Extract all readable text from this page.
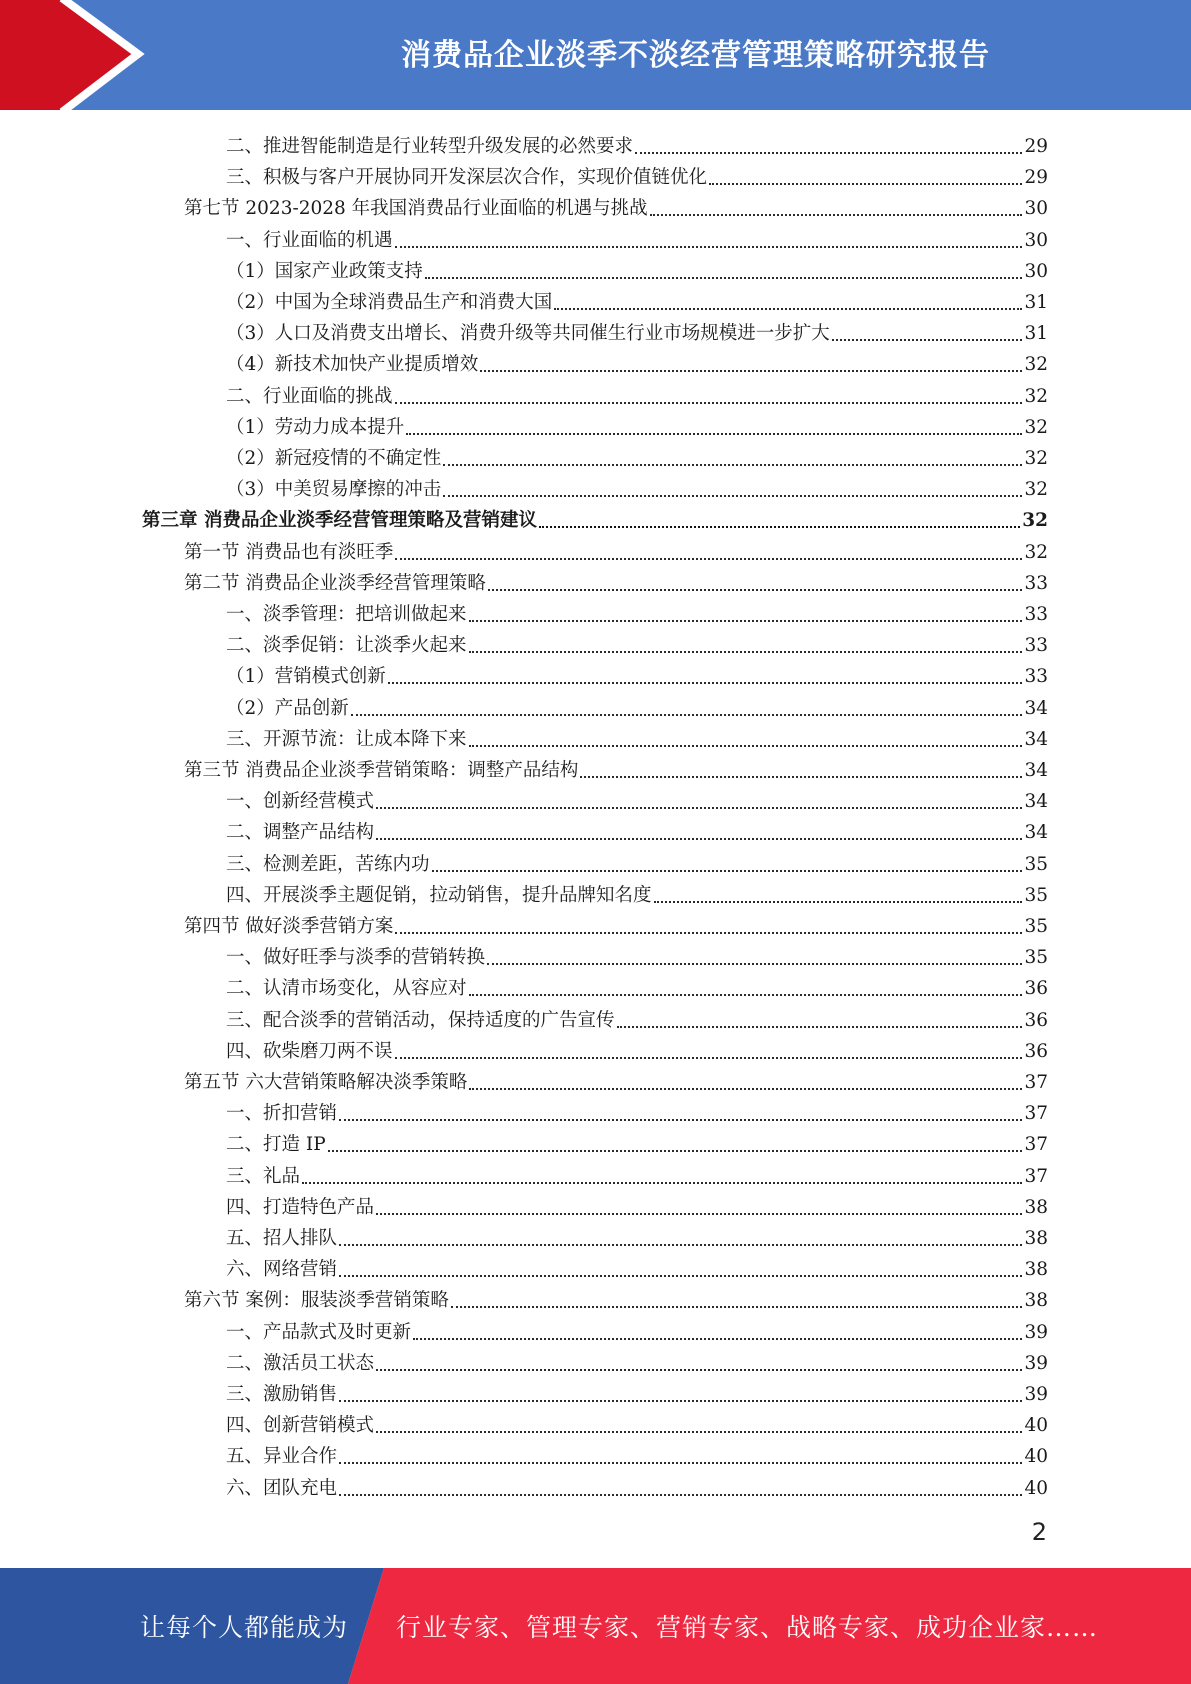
消费品企业淡季不淡经营管理策略研究报告
二、推进智能制造是行业转型升级发展的必然要求	29
三、积极与客户开展协同开发深层次合作，实现价值链优化	29
第七节 2023-2028 年我国消费品行业面临的机遇与挑战	30
一、行业面临的机遇	30
（1）国家产业政策支持	30
（2）中国为全球消费品生产和消费大国	31
（3）人口及消费支出增长、消费升级等共同催生行业市场规模进一步扩大	31
（4）新技术加快产业提质增效	32
二、行业面临的挑战	32
（1）劳动力成本提升	32
（2）新冠疫情的不确定性	32
（3）中美贸易摩擦的冲击	32
第三章 消费品企业淡季经营管理策略及营销建议	32
第一节 消费品也有淡旺季	32
第二节 消费品企业淡季经营管理策略	33
一、淡季管理：把培训做起来	33
二、淡季促销：让淡季火起来	33
（1）营销模式创新	33
（2）产品创新	34
三、开源节流：让成本降下来	34
第三节 消费品企业淡季营销策略：调整产品结构	34
一、创新经营模式	34
二、调整产品结构	34
三、检测差距，苦练内功	35
四、开展淡季主题促销，拉动销售，提升品牌知名度	35
第四节 做好淡季营销方案	35
一、做好旺季与淡季的营销转换	35
二、认清市场变化，从容应对	36
三、配合淡季的营销活动，保持适度的广告宣传	36
四、砍柴磨刀两不误	36
第五节 六大营销策略解决淡季策略	37
一、折扣营销	37
二、打造 IP	37
三、礼品	37
四、打造特色产品	38
五、招人排队	38
六、网络营销	38
第六节 案例：服装淡季营销策略	38
一、产品款式及时更新	39
二、激活员工状态	39
三、激励销售	39
四、创新营销模式	40
五、异业合作	40
六、团队充电	40
2
让每个人都能成为 行业专家、管理专家、营销专家、战略专家、成功企业家……
